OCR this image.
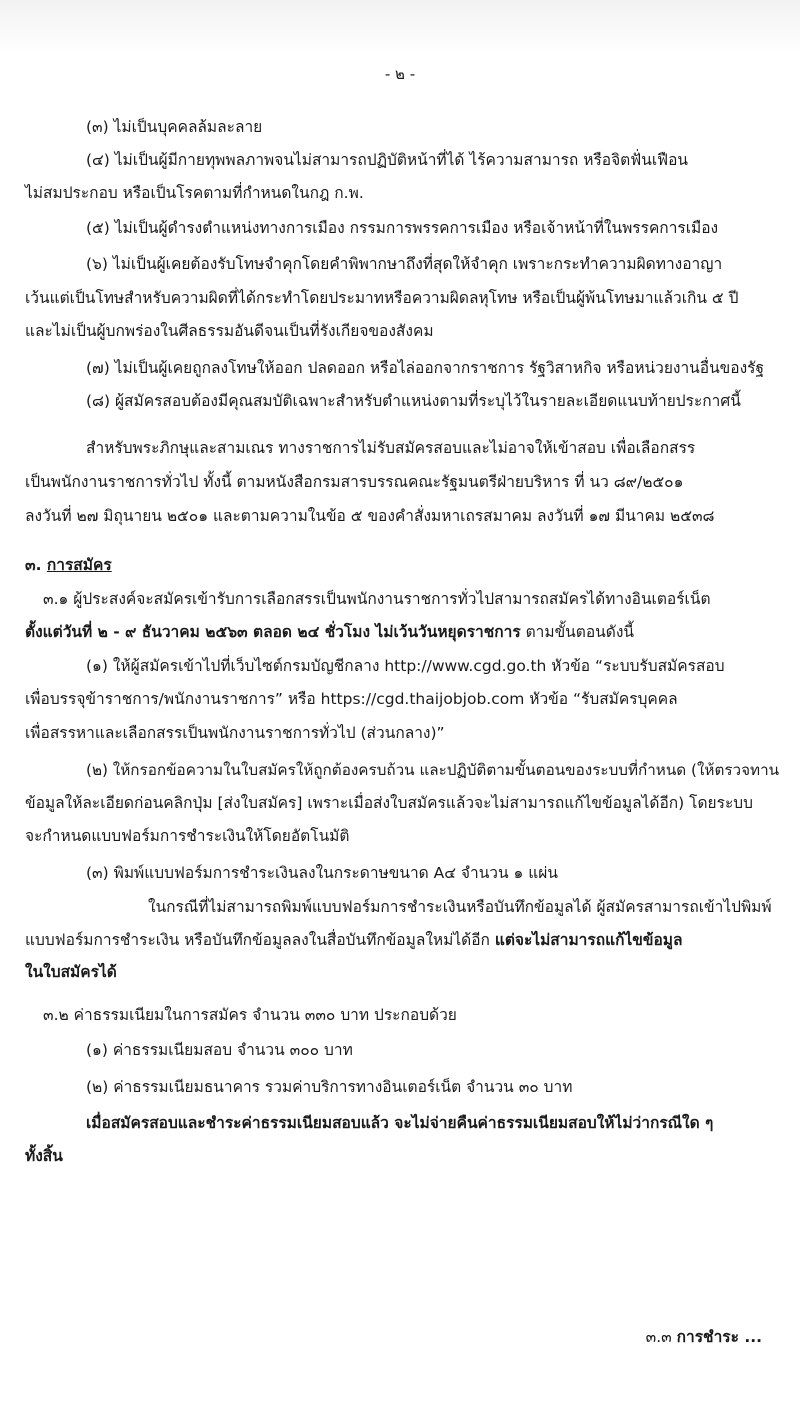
- ๒ -
(๓) ไม่เป็นบุคคลล้มละลาย
(๔) ไม่เป็นผู้มีกายทุพพลภาพจนไม่สามารถปฏิบัติหน้าที่ได้ ไร้ความสามารถ หรือจิตฟั่นเฟือน
ไม่สมประกอบ หรือเป็นโรคตามที่กำหนดในกฎ ก.พ.
(๕) ไม่เป็นผู้ดำรงตำแหน่งทางการเมือง กรรมการพรรคการเมือง หรือเจ้าหน้าที่ในพรรคการเมือง
(๖) ไม่เป็นผู้เคยต้องรับโทษจำคุกโดยคำพิพากษาถึงที่สุดให้จำคุก เพราะกระทำความผิดทางอาญา
เว้นแต่เป็นโทษสำหรับความผิดที่ได้กระทำโดยประมาทหรือความผิดลหุโทษ หรือเป็นผู้พ้นโทษมาแล้วเกิน ๕ ปี
และไม่เป็นผู้บกพร่องในศีลธรรมอันดีจนเป็นที่รังเกียจของสังคม
(๗) ไม่เป็นผู้เคยถูกลงโทษให้ออก ปลดออก หรือไล่ออกจากราชการ รัฐวิสาหกิจ หรือหน่วยงานอื่นของรัฐ
(๘) ผู้สมัครสอบต้องมีคุณสมบัติเฉพาะสำหรับตำแหน่งตามที่ระบุไว้ในรายละเอียดแนบท้ายประกาศนี้
สำหรับพระภิกษุและสามเณร ทางราชการไม่รับสมัครสอบและไม่อาจให้เข้าสอบ เพื่อเลือกสรร
เป็นพนักงานราชการทั่วไป ทั้งนี้ ตามหนังสือกรมสารบรรณคณะรัฐมนตรีฝ่ายบริหาร ที่ นว ๘๙/๒๕๐๑
ลงวันที่ ๒๗ มิถุนายน ๒๕๐๑ และตามความในข้อ ๕ ของคำสั่งมหาเถรสมาคม ลงวันที่ ๑๗ มีนาคม ๒๕๓๘
๓. การสมัคร
๓.๑ ผู้ประสงค์จะสมัครเข้ารับการเลือกสรรเป็นพนักงานราชการทั่วไปสามารถสมัครได้ทางอินเตอร์เน็ต
ตั้งแต่วันที่ ๒ - ๙ ธันวาคม ๒๕๖๓ ตลอด ๒๔ ชั่วโมง ไม่เว้นวันหยุดราชการ ตามขั้นตอนดังนี้
(๑) ให้ผู้สมัครเข้าไปที่เว็บไซต์กรมบัญชีกลาง http://www.cgd.go.th หัวข้อ “ระบบรับสมัครสอบ
เพื่อบรรจุข้าราชการ/พนักงานราชการ” หรือ https://cgd.thaijobjob.com หัวข้อ “รับสมัครบุคคล
เพื่อสรรหาและเลือกสรรเป็นพนักงานราชการทั่วไป (ส่วนกลาง)”
(๒) ให้กรอกข้อความในใบสมัครให้ถูกต้องครบถ้วน และปฏิบัติตามขั้นตอนของระบบที่กำหนด (ให้ตรวจทาน
ข้อมูลให้ละเอียดก่อนคลิกปุ่ม [ส่งใบสมัคร] เพราะเมื่อส่งใบสมัครแล้วจะไม่สามารถแก้ไขข้อมูลได้อีก) โดยระบบ
จะกำหนดแบบฟอร์มการชำระเงินให้โดยอัตโนมัติ
(๓) พิมพ์แบบฟอร์มการชำระเงินลงในกระดาษขนาด A๔ จำนวน ๑ แผ่น
ในกรณีที่ไม่สามารถพิมพ์แบบฟอร์มการชำระเงินหรือบันทึกข้อมูลได้ ผู้สมัครสามารถเข้าไปพิมพ์
แบบฟอร์มการชำระเงิน หรือบันทึกข้อมูลลงในสื่อบันทึกข้อมูลใหม่ได้อีก แต่จะไม่สามารถแก้ไขข้อมูล
ในใบสมัครได้
๓.๒ ค่าธรรมเนียมในการสมัคร จำนวน ๓๓๐ บาท ประกอบด้วย
(๑) ค่าธรรมเนียมสอบ จำนวน ๓๐๐ บาท
(๒) ค่าธรรมเนียมธนาคาร รวมค่าบริการทางอินเตอร์เน็ต จำนวน ๓๐ บาท
เมื่อสมัครสอบและชำระค่าธรรมเนียมสอบแล้ว จะไม่จ่ายคืนค่าธรรมเนียมสอบให้ไม่ว่ากรณีใด ๆ
ทั้งสิ้น
๓.๓ การชำระ ...
